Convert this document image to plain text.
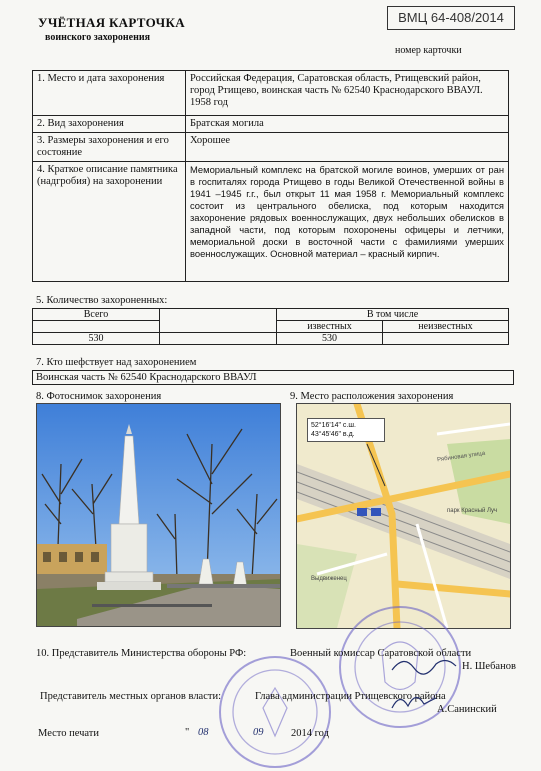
УЧЁТНАЯ КАРТОЧКА
воинского захоронения
ВМЦ 64-408/2014
номер карточки
1. Место и дата захоронения	Российская Федерация, Саратовская область, Ртищевский район, город Ртищево, воинская часть № 62540 Краснодарского ВВАУЛ. 1958 год
2. Вид захоронения	Братская могила
3. Размеры захоронения и его состояние	Хорошее
4. Краткое описание памятника (надгробия) на захоронении	Мемориальный комплекс на братской могиле воинов, умерших от ран в госпиталях города Ртищево в годы Великой Отечественной войны в 1941 –1945 г.г., был открыт 11 мая 1958 г. Мемориальный комплекс состоит из центрального обелиска, под которым находится захоронение рядовых военнослужащих, двух небольших обелисков в западной части, под которым похоронены офицеры и летчики, мемориальной доски в восточной части с фамилиями умерших военнослужащих. Основной материал – красный кирпич.
5. Количество захороненных:
Всего		В том числе	
		известных	неизвестных
530		530	
7. Кто шефствует над захоронением
Воинская часть № 62540 Краснодарского ВВАУЛ
8. Фотоснимок захоронения	9. Место расположения захоронения
52°16'14" с.ш.
43°45'46" в.д.
Рябиновая улица
Выдвиженец
парк Красный Луч
10. Представитель Министерства обороны РФ:	Военный комиссар Саратовской области
Н. Шебанов
Представитель местных органов власти:	Глава администрации Ртищевского района
А.Санинский
Место печати	" 08	09	2014 год
